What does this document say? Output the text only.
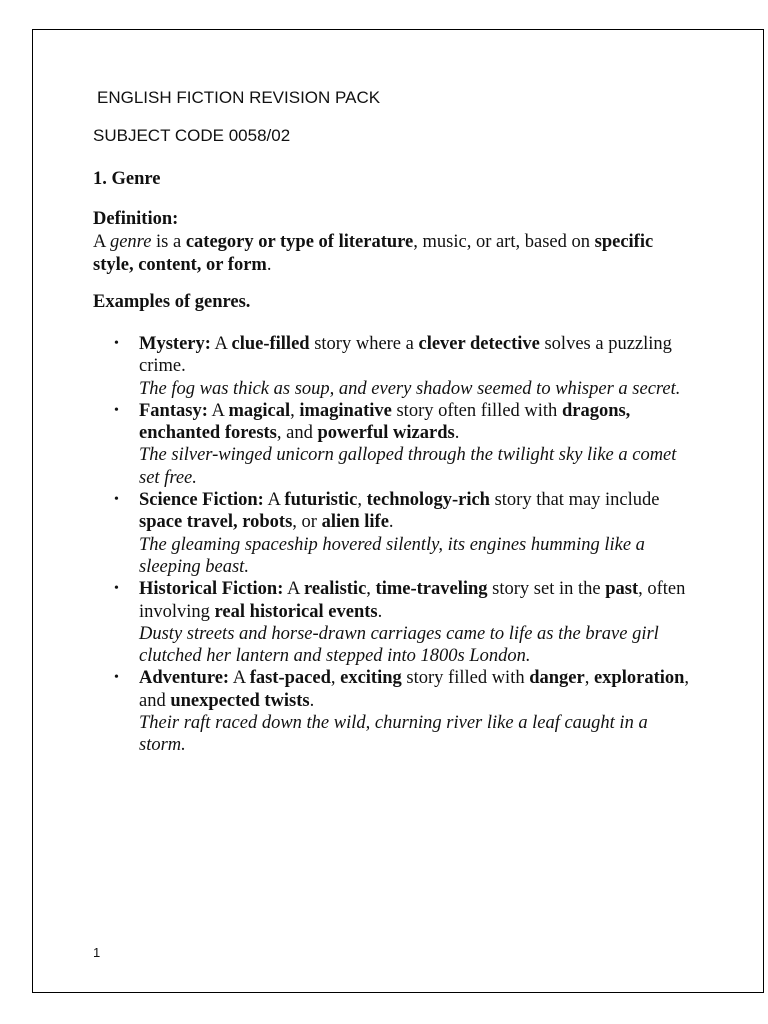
ENGLISH FICTION REVISION PACK
SUBJECT CODE 0058/02
1. Genre
Definition:
A genre is a category or type of literature, music, or art, based on specific style, content, or form.
Examples of genres.
• Mystery: A clue-filled story where a clever detective solves a puzzling crime.
The fog was thick as soup, and every shadow seemed to whisper a secret.
• Fantasy: A magical, imaginative story often filled with dragons, enchanted forests, and powerful wizards.
The silver-winged unicorn galloped through the twilight sky like a comet set free.
• Science Fiction: A futuristic, technology-rich story that may include space travel, robots, or alien life.
The gleaming spaceship hovered silently, its engines humming like a sleeping beast.
• Historical Fiction: A realistic, time-traveling story set in the past, often involving real historical events.
Dusty streets and horse-drawn carriages came to life as the brave girl clutched her lantern and stepped into 1800s London.
• Adventure: A fast-paced, exciting story filled with danger, exploration, and unexpected twists.
Their raft raced down the wild, churning river like a leaf caught in a storm.
1
